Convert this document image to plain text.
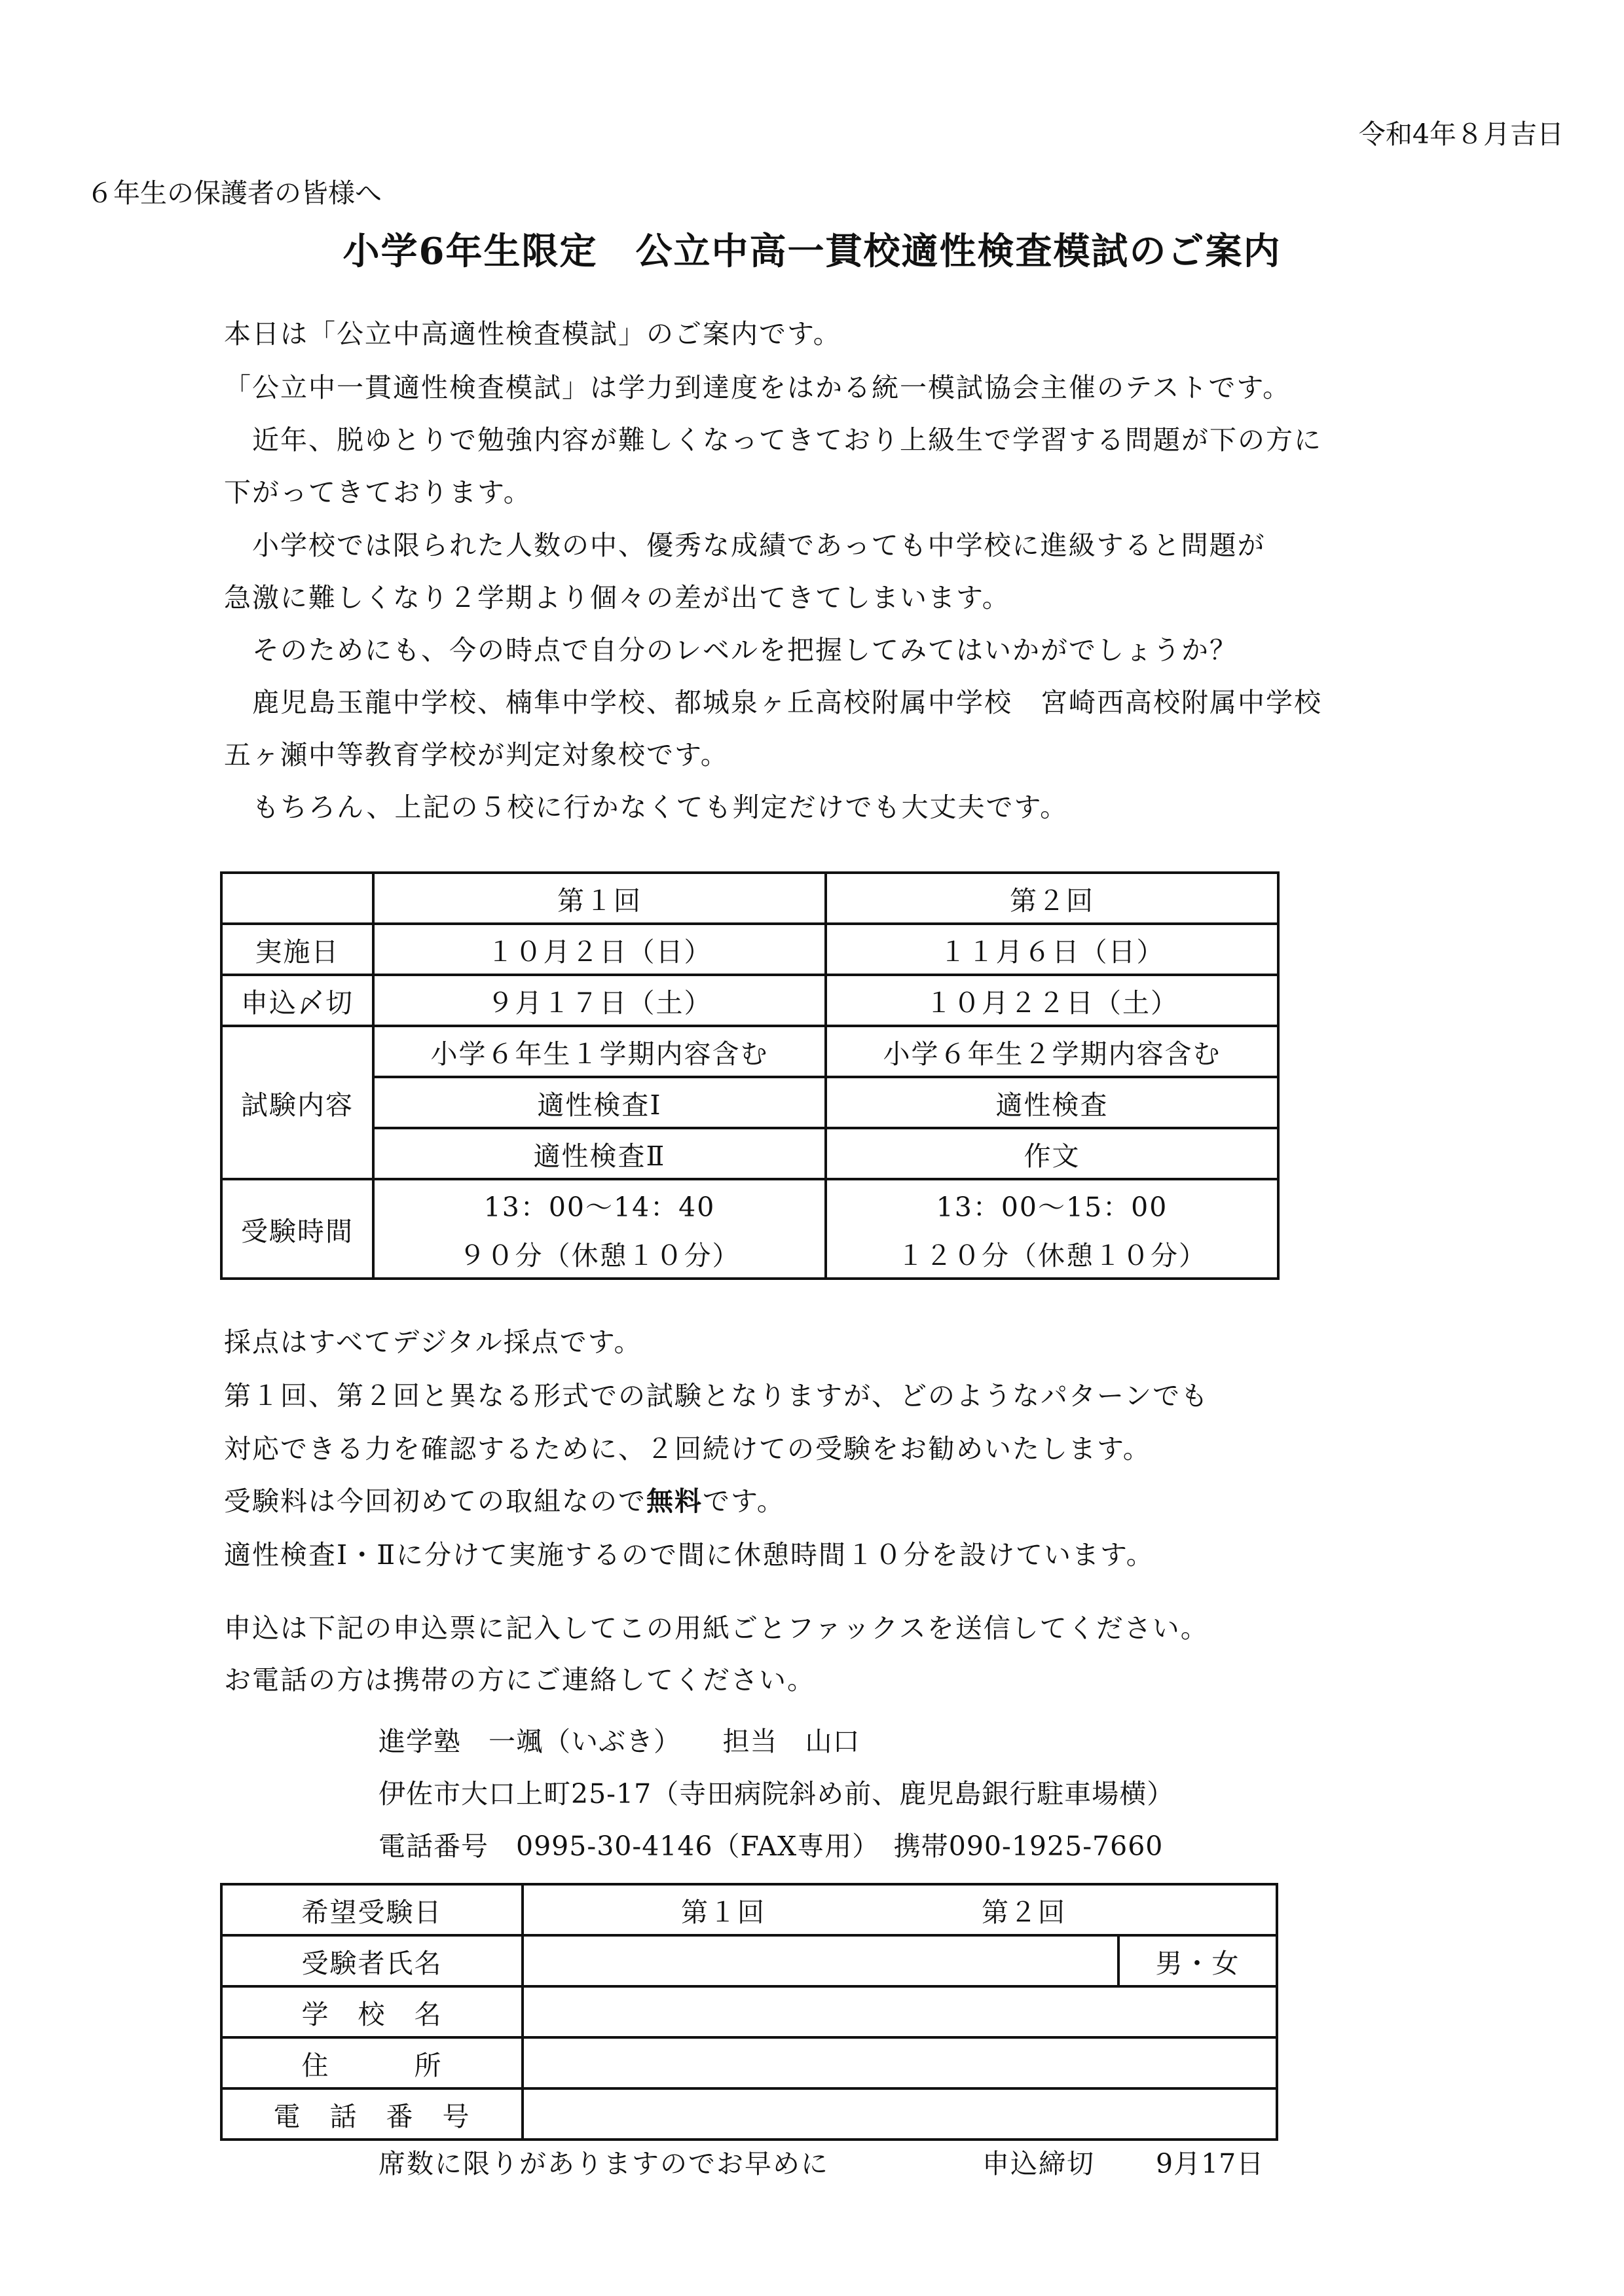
令和4年８月吉日
６年生の保護者の皆様へ
小学6年生限定　公立中高一貫校適性検査模試のご案内
本日は「公立中高適性検査模試」のご案内です。
「公立中一貫適性検査模試」は学力到達度をはかる統一模試協会主催のテストです。
　近年、脱ゆとりで勉強内容が難しくなってきており上級生で学習する問題が下の方に
下がってきております。
　小学校では限られた人数の中、優秀な成績であっても中学校に進級すると問題が
急激に難しくなり２学期より個々の差が出てきてしまいます。
　そのためにも、今の時点で自分のレベルを把握してみてはいかがでしょうか？
　鹿児島玉龍中学校、楠隼中学校、都城泉ヶ丘高校附属中学校　宮崎西高校附属中学校
五ヶ瀬中等教育学校が判定対象校です。
　もちろん、上記の５校に行かなくても判定だけでも大丈夫です。
	第１回	第２回
実施日	１０月２日（日）	１１月６日（日）
申込〆切	９月１７日（土）	１０月２２日（土）
試験内容	小学６年生１学期内容含む	小学６年生２学期内容含む
	適性検査Ⅰ	適性検査
	適性検査Ⅱ	作文
受験時間	13：00～14：40	13：00～15：00
	９０分（休憩１０分）	１２０分（休憩１０分）
採点はすべてデジタル採点です。
第１回、第２回と異なる形式での試験となりますが、どのようなパターンでも
対応できる力を確認するために、２回続けての受験をお勧めいたします。
受験料は今回初めての取組なので無料です。
適性検査Ⅰ・Ⅱに分けて実施するので間に休憩時間１０分を設けています。
申込は下記の申込票に記入してこの用紙ごとファックスを送信してください。
お電話の方は携帯の方にご連絡してください。
進学塾　一颯（いぶき）　　担当　山口
伊佐市大口上町25-17（寺田病院斜め前、鹿児島銀行駐車場横）
電話番号　0995-30-4146（FAX専用）　携帯090-1925-7660
希望受験日	第１回 第２回	
受験者氏名		男・女
学　校　名		
住　　　所		
電　話　番　号		
席数に限りがありますのでお早めに	申込締切 9月17日
